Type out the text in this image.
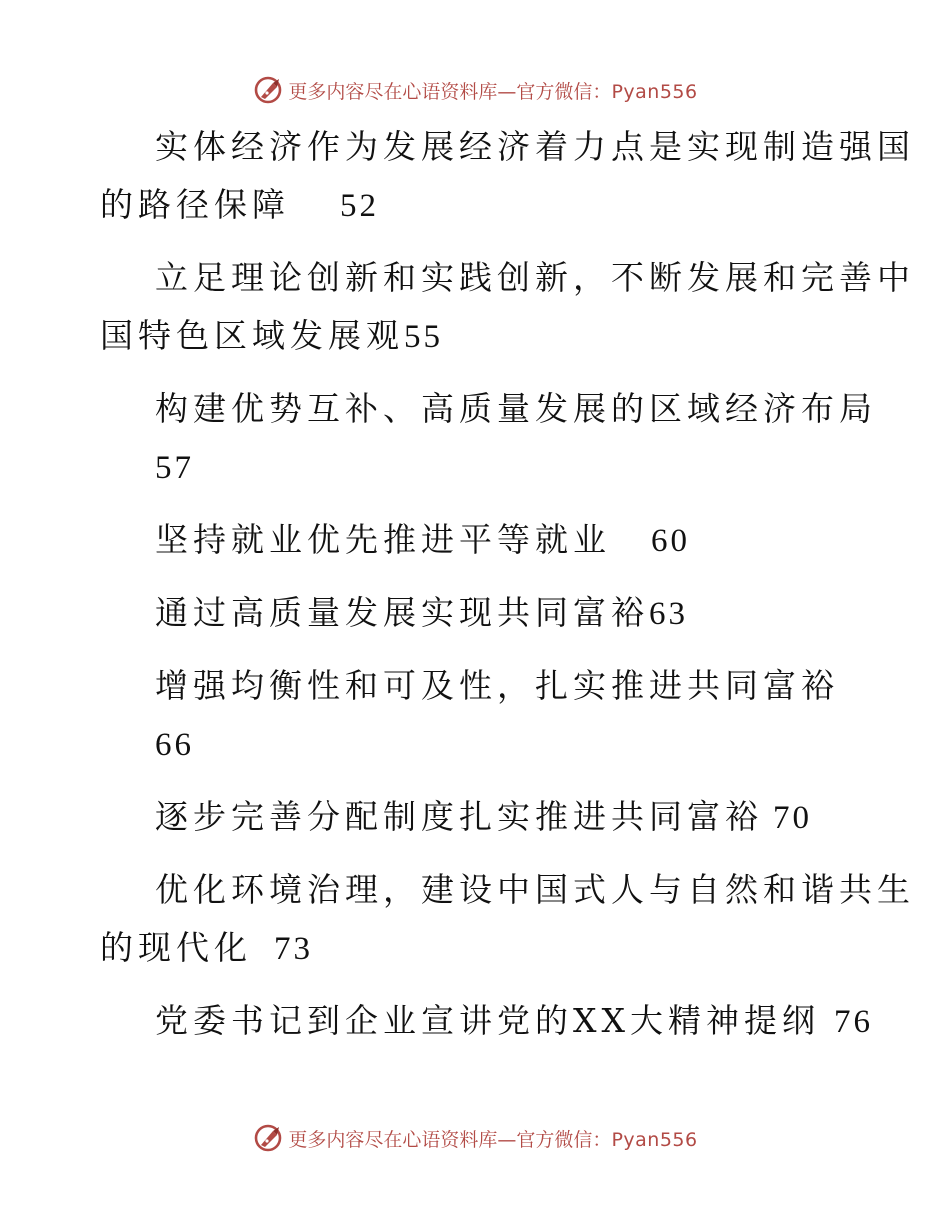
更多内容尽在心语资料库—官方微信：Pyan556
实体经济作为发展经济着力点是实现制造强国
的路径保障 52
立足理论创新和实践创新，不断发展和完善中
国特色区域发展观55
构建优势互补、高质量发展的区域经济布局
57
坚持就业优先推进平等就业 60
通过高质量发展实现共同富裕63
增强均衡性和可及性，扎实推进共同富裕
66
逐步完善分配制度扎实推进共同富裕 70
优化环境治理，建设中国式人与自然和谐共生
的现代化 73
党委书记到企业宣讲党的XX大精神提纲 76
更多内容尽在心语资料库—官方微信：Pyan556
